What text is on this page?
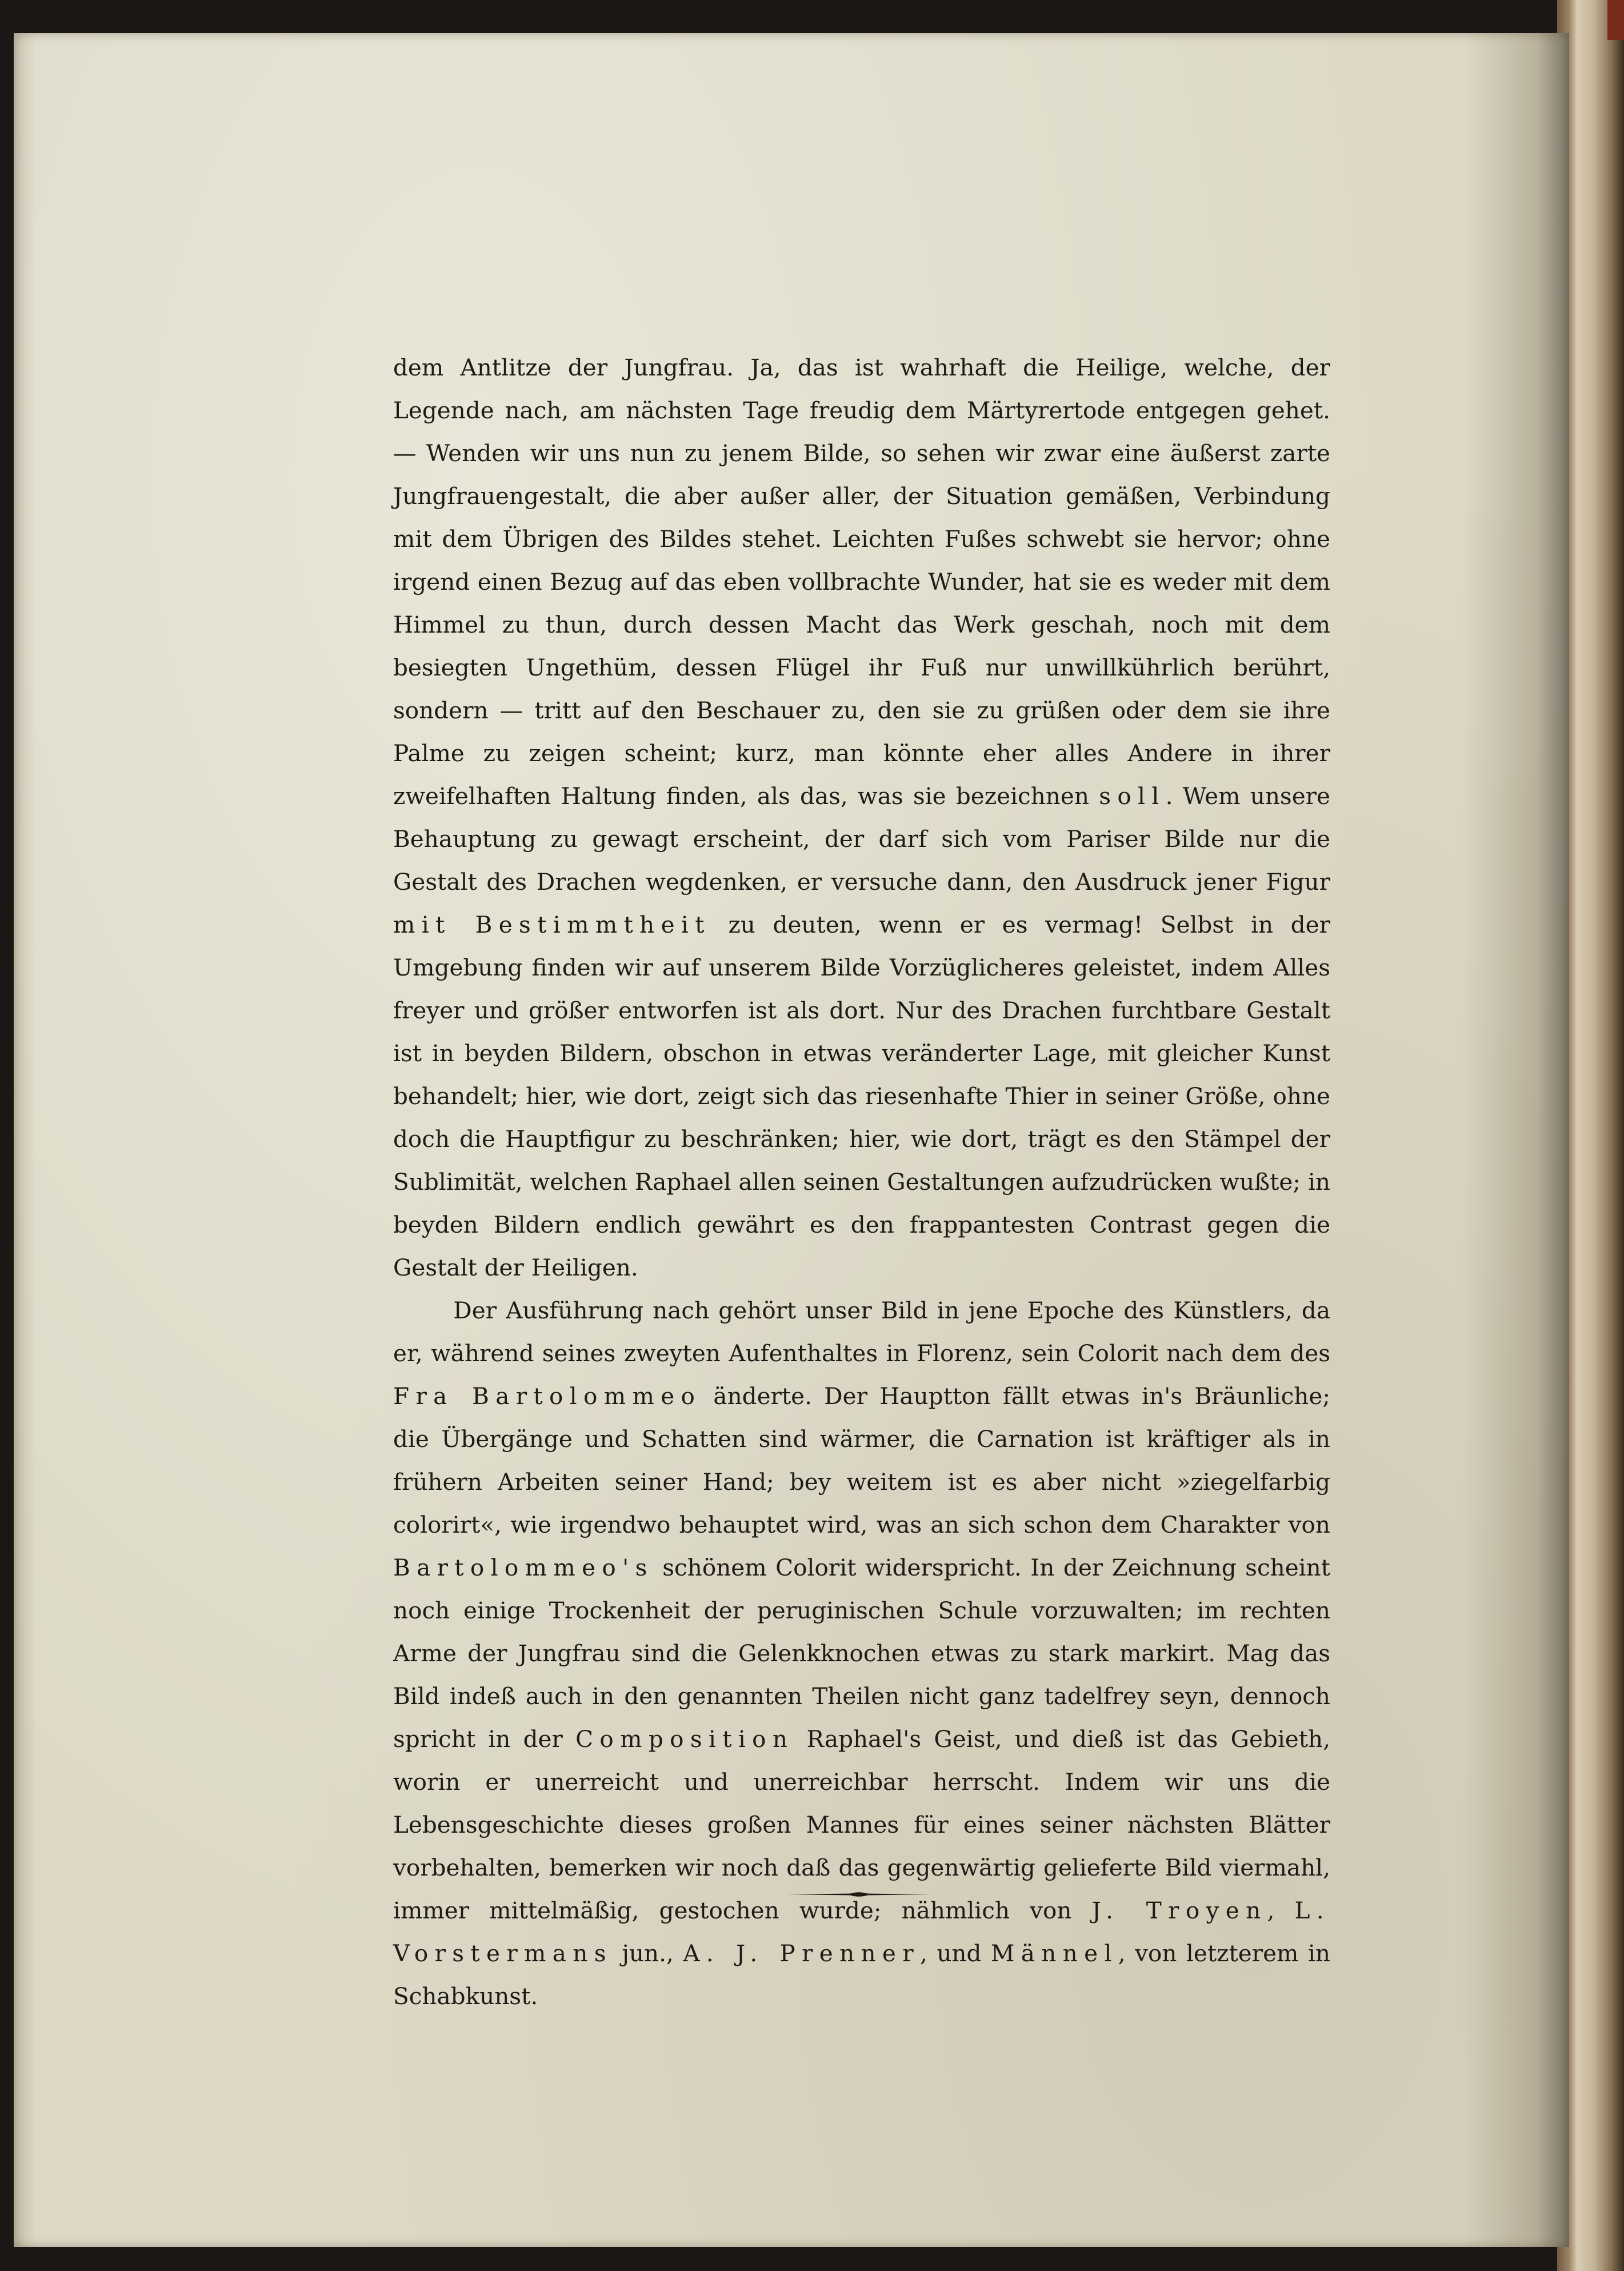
dem Antlitze der Jungfrau. Ja, das ist wahrhaft die Heilige, welche, der Legende nach, am nächsten Tage freudig dem Märtyrertode entgegen gehet. — Wenden wir uns nun zu jenem Bilde, so sehen wir zwar eine äußerst zarte Jungfrauengestalt, die aber außer aller, der Situation gemäßen, Verbindung mit dem Übrigen des Bildes stehet. Leichten Fußes schwebt sie hervor; ohne irgend einen Bezug auf das eben vollbrachte Wunder, hat sie es weder mit dem Himmel zu thun, durch dessen Macht das Werk geschah, noch mit dem besiegten Ungethüm, dessen Flügel ihr Fuß nur unwillkührlich berührt, sondern — tritt auf den Beschauer zu, den sie zu grüßen oder dem sie ihre Palme zu zeigen scheint; kurz, man könnte eher alles Andere in ihrer zweifelhaften Haltung finden, als das, was sie bezeichnen soll. Wem unsere Behauptung zu gewagt erscheint, der darf sich vom Pariser Bilde nur die Gestalt des Drachen wegdenken, er versuche dann, den Ausdruck jener Figur mit Bestimmtheit zu deuten, wenn er es vermag! Selbst in der Umgebung finden wir auf unserem Bilde Vorzüglicheres geleistet, indem Alles freyer und größer entworfen ist als dort. Nur des Drachen furchtbare Gestalt ist in beyden Bildern, obschon in etwas veränderter Lage, mit gleicher Kunst behandelt; hier, wie dort, zeigt sich das riesenhafte Thier in seiner Größe, ohne doch die Hauptfigur zu beschränken; hier, wie dort, trägt es den Stämpel der Sublimität, welchen Raphael allen seinen Gestaltungen aufzudrücken wußte; in beyden Bildern endlich gewährt es den frappantesten Contrast gegen die Gestalt der Heiligen.

Der Ausführung nach gehört unser Bild in jene Epoche des Künstlers, da er, während seines zweyten Aufenthaltes in Florenz, sein Colorit nach dem des Fra Bartolommeo änderte. Der Hauptton fällt etwas in's Bräunliche; die Übergänge und Schatten sind wärmer, die Carnation ist kräftiger als in frühern Arbeiten seiner Hand; bey weitem ist es aber nicht »ziegelfarbig colorirt«, wie irgendwo behauptet wird, was an sich schon dem Charakter von Bartolommeo's schönem Colorit widerspricht. In der Zeichnung scheint noch einige Trockenheit der peruginischen Schule vorzuwalten; im rechten Arme der Jungfrau sind die Gelenkknochen etwas zu stark markirt. Mag das Bild indeß auch in den genannten Theilen nicht ganz tadelfrey seyn, dennoch spricht in der Composition Raphael's Geist, und dieß ist das Gebieth, worin er unerreicht und unerreichbar herrscht. Indem wir uns die Lebensgeschichte dieses großen Mannes für eines seiner nächsten Blätter vorbehalten, bemerken wir noch daß das gegenwärtig gelieferte Bild viermahl, immer mittelmäßig, gestochen wurde; nähmlich von J. Troyen, L. Vorstermans jun., A. J. Prenner, und Männel, von letzterem in Schabkunst.
